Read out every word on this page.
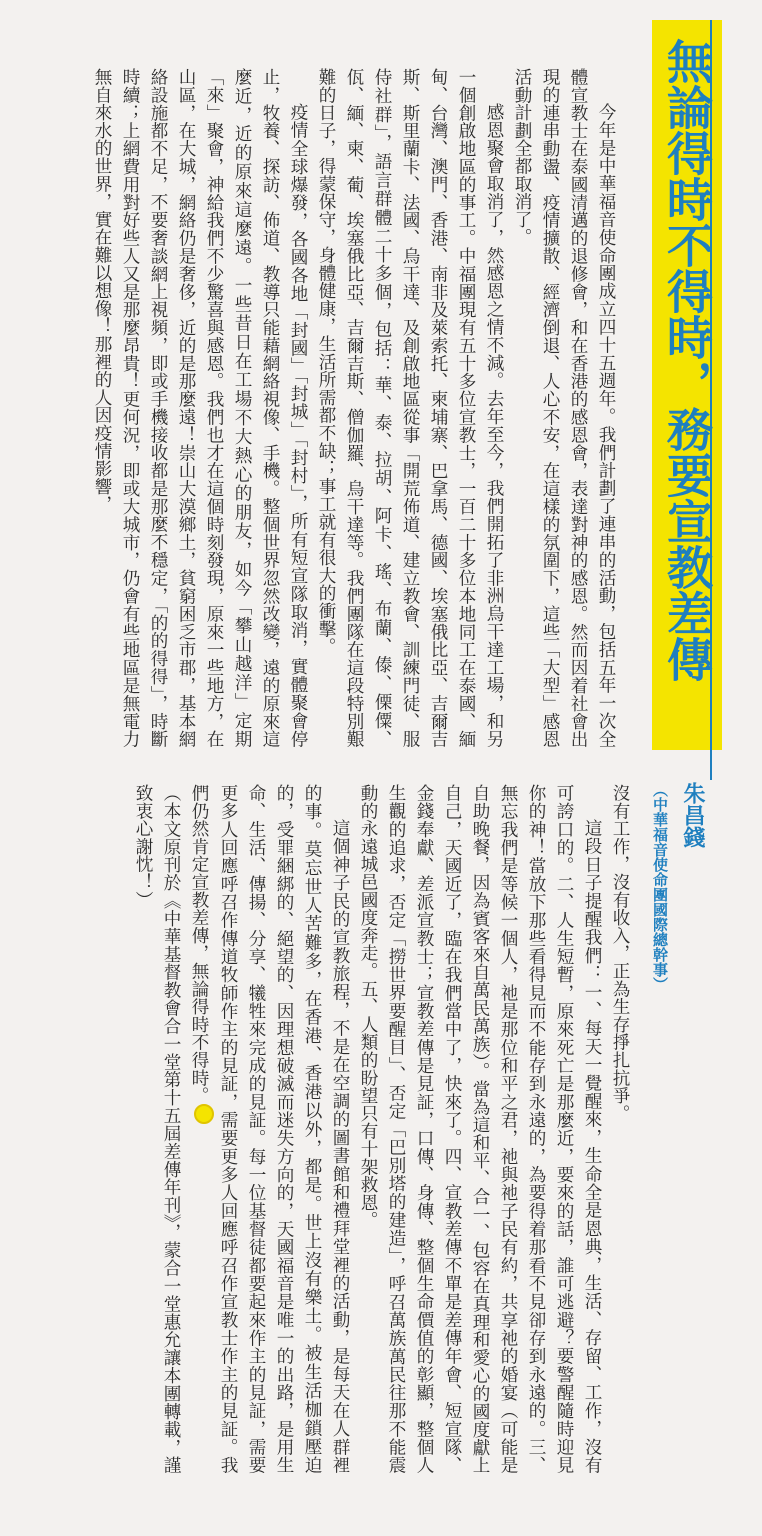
無論得時不得時，務要宣教差傳
朱昌錢
（中華福音使命團國際總幹事）

今年是中華福音使命團成立四十五週年。我們計劃了連串的活動，包括五年一次全體宣教士在泰國清邁的退修會，和在香港的感恩會，表達對神的感恩。然而因着社會出現的連串動盪、疫情擴散、經濟倒退、人心不安，在這樣的氛圍下，這些「大型」感恩活動計劃全都取消了。

感恩聚會取消了，然感恩之情不減。去年至今，我們開拓了非洲烏干達工場，和另一個創啟地區的事工。中福團現有五十多位宣教士，一百二十多位本地同工在泰國、緬甸、台灣、澳門、香港、南非及萊索托、柬埔寨、巴拿馬、德國、埃塞俄比亞、吉爾吉斯、斯里蘭卡、法國、烏干達、及創啟地區從事「開荒佈道、建立教會、訓練門徒、服侍社群」，語言群體二十多個，包括：華、泰、拉胡、阿卡、瑤、布蘭、傣、傈僳、佤、緬、柬、葡、埃塞俄比亞、吉爾吉斯、僧伽羅、烏干達等。我們團隊在這段特別艱難的日子，得蒙保守，身體健康，生活所需都不缺；事工就有很大的衝擊。

疫情全球爆發，各國各地「封國」「封城」「封村」，所有短宣隊取消，實體聚會停止，牧養、探訪、佈道、教導只能藉網絡視像、手機。整個世界忽然改變，遠的原來這麼近，近的原來這麼遠。一些昔日在工場不大熱心的朋友，如今「攀山越洋」定期「來」聚會，神給我們不少驚喜與感恩。我們也才在這個時刻發現，原來一些地方，在山區，在大城，網絡仍是奢侈，近的是那麼遠！崇山大漠鄉土，貧窮困乏市郡，基本網絡設施都不足，不要奢談網上視頻，即或手機接收都是那麼不穩定，「的的得得」，時斷時續；上網費用對好些人又是那麼昂貴！更何況，即或大城市，仍會有些地區是無電力無自來水的世界，實在難以想像！那裡的人因疫情影響，

沒有工作，沒有收入，正為生存掙扎抗爭。

這段日子提醒我們：一、每天一覺醒來，生命全是恩典，生活、存留、工作，沒有可誇口的。二、人生短暫，原來死亡是那麼近，要來的話，誰可逃避？要警醒隨時迎見你的神！當放下那些看得見而不能存到永遠的，為要得着那看不見卻存到永遠的。三、無忘我們是等候一個人，祂是那位和平之君，祂與祂子民有約，共享祂的婚宴（可能是自助晚餐，因為賓客來自萬民萬族）。當為這和平、合一、包容在真理和愛心的國度獻上自己，天國近了，臨在我們當中了，快來了。四、宣教差傳不單是差傳年會、短宣隊、金錢奉獻、差派宣教士；宣教差傳是見証，口傳、身傳、整個生命價值的彰顯，整個人生觀的追求，否定「撈世界要醒目」、否定「巴別塔的建造」，呼召萬族萬民往那不能震動的永遠城邑國度奔走。五、人類的盼望只有十架救恩。

這個神子民的宣教旅程，不是在空調的圖書館和禮拜堂裡的活動，是每天在人群裡的事。莫忘世人苦難多，在香港、香港以外，都是。世上沒有樂土。被生活枷鎖壓迫的，受罪綑綁的、絕望的、因理想破滅而迷失方向的，天國福音是唯一的出路，是用生命、生活、傳揚、分享、犧牲來完成的見証。每一位基督徒都要起來作主的見証，需要更多人回應呼召作傳道牧師作主的見証，需要更多人回應呼召作宣教士作主的見証。我們仍然肯定宣教差傳，無論得時不得時。

（本文原刊於《中華基督教會合一堂第十五屆差傳年刊》，蒙合一堂惠允讓本團轉載，謹致衷心謝忱！）
